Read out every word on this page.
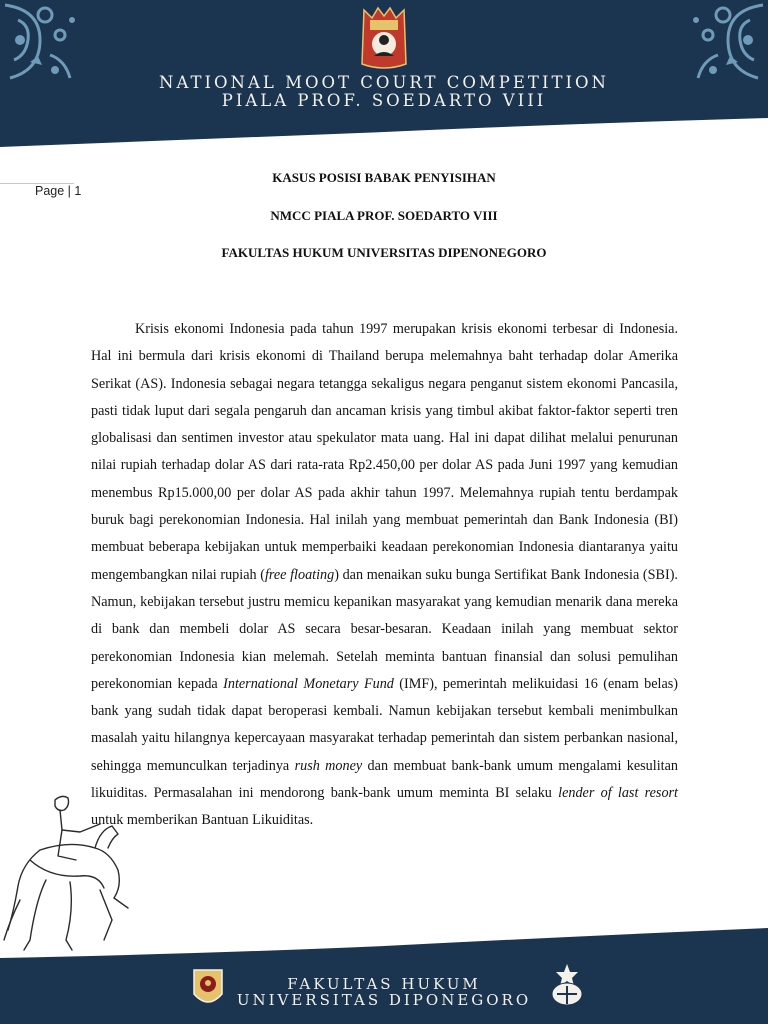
NATIONAL MOOT COURT COMPETITION
PIALA PROF. SOEDARTO VIII
Page | 1
KASUS POSISI BABAK PENYISIHAN
NMCC PIALA PROF. SOEDARTO VIII
FAKULTAS HUKUM UNIVERSITAS DIPENONEGORO

Krisis ekonomi Indonesia pada tahun 1997 merupakan krisis ekonomi terbesar di Indonesia. Hal ini bermula dari krisis ekonomi di Thailand berupa melemahnya baht terhadap dolar Amerika Serikat (AS). Indonesia sebagai negara tetangga sekaligus negara penganut sistem ekonomi Pancasila, pasti tidak luput dari segala pengaruh dan ancaman krisis yang timbul akibat faktor-faktor seperti tren globalisasi dan sentimen investor atau spekulator mata uang. Hal ini dapat dilihat melalui penurunan nilai rupiah terhadap dolar AS dari rata-rata Rp2.450,00 per dolar AS pada Juni 1997 yang kemudian menembus Rp15.000,00 per dolar AS pada akhir tahun 1997. Melemahnya rupiah tentu berdampak buruk bagi perekonomian Indonesia. Hal inilah yang membuat pemerintah dan Bank Indonesia (BI) membuat beberapa kebijakan untuk memperbaiki keadaan perekonomian Indonesia diantaranya yaitu mengembangkan nilai rupiah (free floating) dan menaikan suku bunga Sertifikat Bank Indonesia (SBI). Namun, kebijakan tersebut justru memicu kepanikan masyarakat yang kemudian menarik dana mereka di bank dan membeli dolar AS secara besar-besaran. Keadaan inilah yang membuat sektor perekonomian Indonesia kian melemah. Setelah meminta bantuan finansial dan solusi pemulihan perekonomian kepada International Monetary Fund (IMF), pemerintah melikuidasi 16 (enam belas) bank yang sudah tidak dapat beroperasi kembali. Namun kebijakan tersebut kembali menimbulkan masalah yaitu hilangnya kepercayaan masyarakat terhadap pemerintah dan sistem perbankan nasional, sehingga memunculkan terjadinya rush money dan membuat bank-bank umum mengalami kesulitan likuiditas. Permasalahan ini mendorong bank-bank umum meminta BI selaku lender of last resort untuk memberikan Bantuan Likuiditas.

FAKULTAS HUKUM
UNIVERSITAS DIPONEGORO
